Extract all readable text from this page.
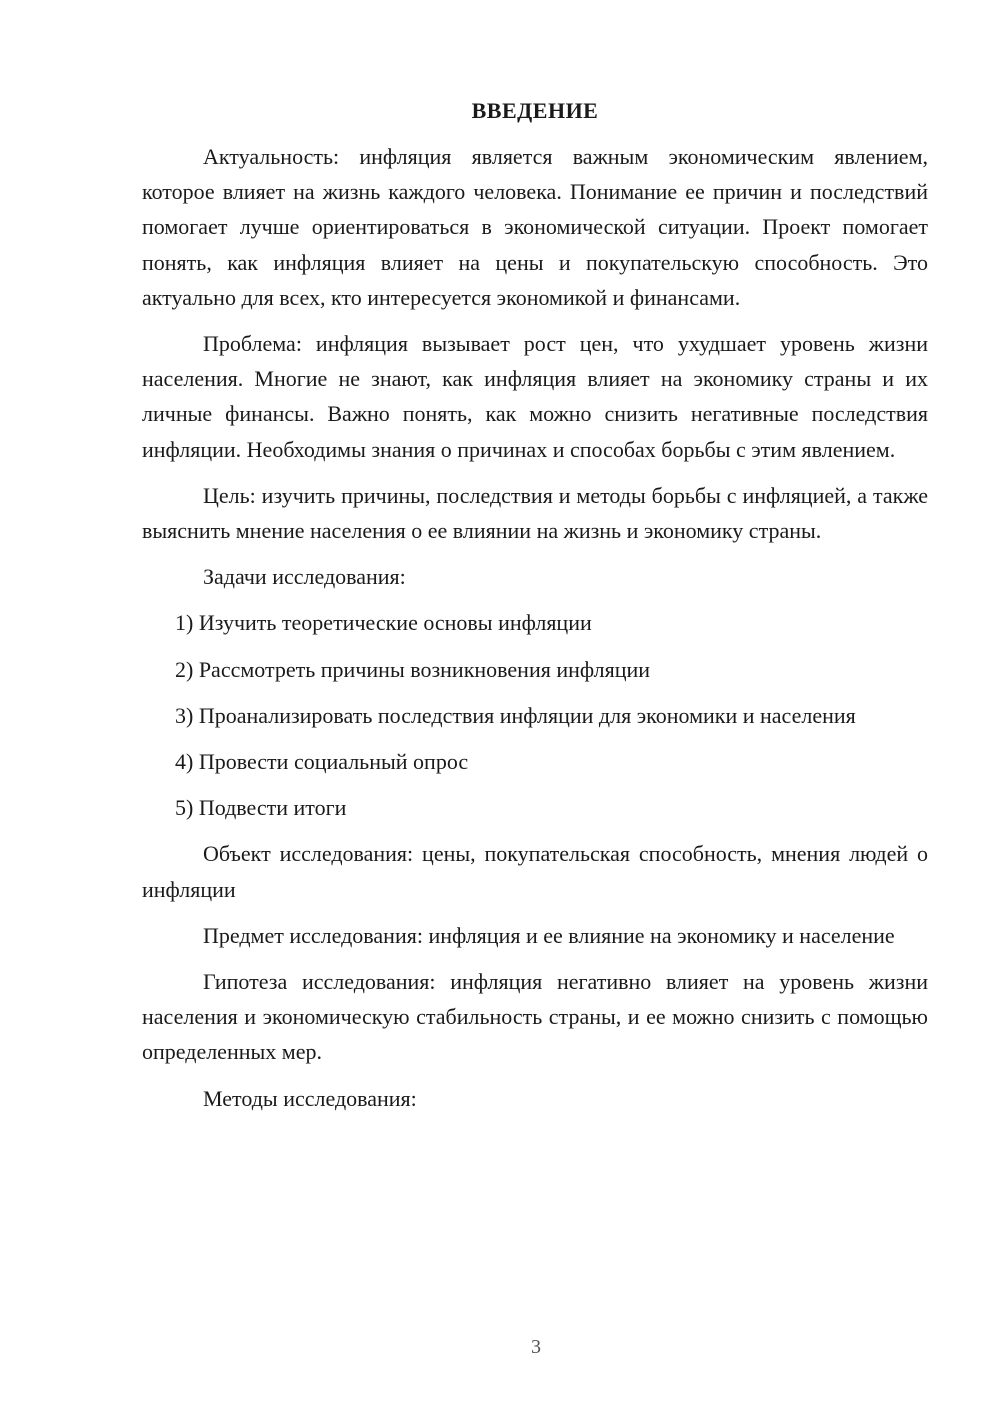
ВВЕДЕНИЕ

Актуальность: инфляция является важным экономическим явлением, которое влияет на жизнь каждого человека. Понимание ее причин и последствий помогает лучше ориентироваться в экономической ситуации. Проект помогает понять, как инфляция влияет на цены и покупательскую способность. Это актуально для всех, кто интересуется экономикой и финансами.

Проблема: инфляция вызывает рост цен, что ухудшает уровень жизни населения. Многие не знают, как инфляция влияет на экономику страны и их личные финансы. Важно понять, как можно снизить негативные последствия инфляции. Необходимы знания о причинах и способах борьбы с этим явлением.

Цель: изучить причины, последствия и методы борьбы с инфляцией, а также выяснить мнение населения о ее влиянии на жизнь и экономику страны.

Задачи исследования:

1) Изучить теоретические основы инфляции

2) Рассмотреть причины возникновения инфляции

3) Проанализировать последствия инфляции для экономики и населения

4) Провести социальный опрос

5) Подвести итоги

Объект исследования: цены, покупательская способность, мнения людей о инфляции

Предмет исследования: инфляция и ее влияние на экономику и население

Гипотеза исследования: инфляция негативно влияет на уровень жизни населения и экономическую стабильность страны, и ее можно снизить с помощью определенных мер.

Методы исследования:

3
